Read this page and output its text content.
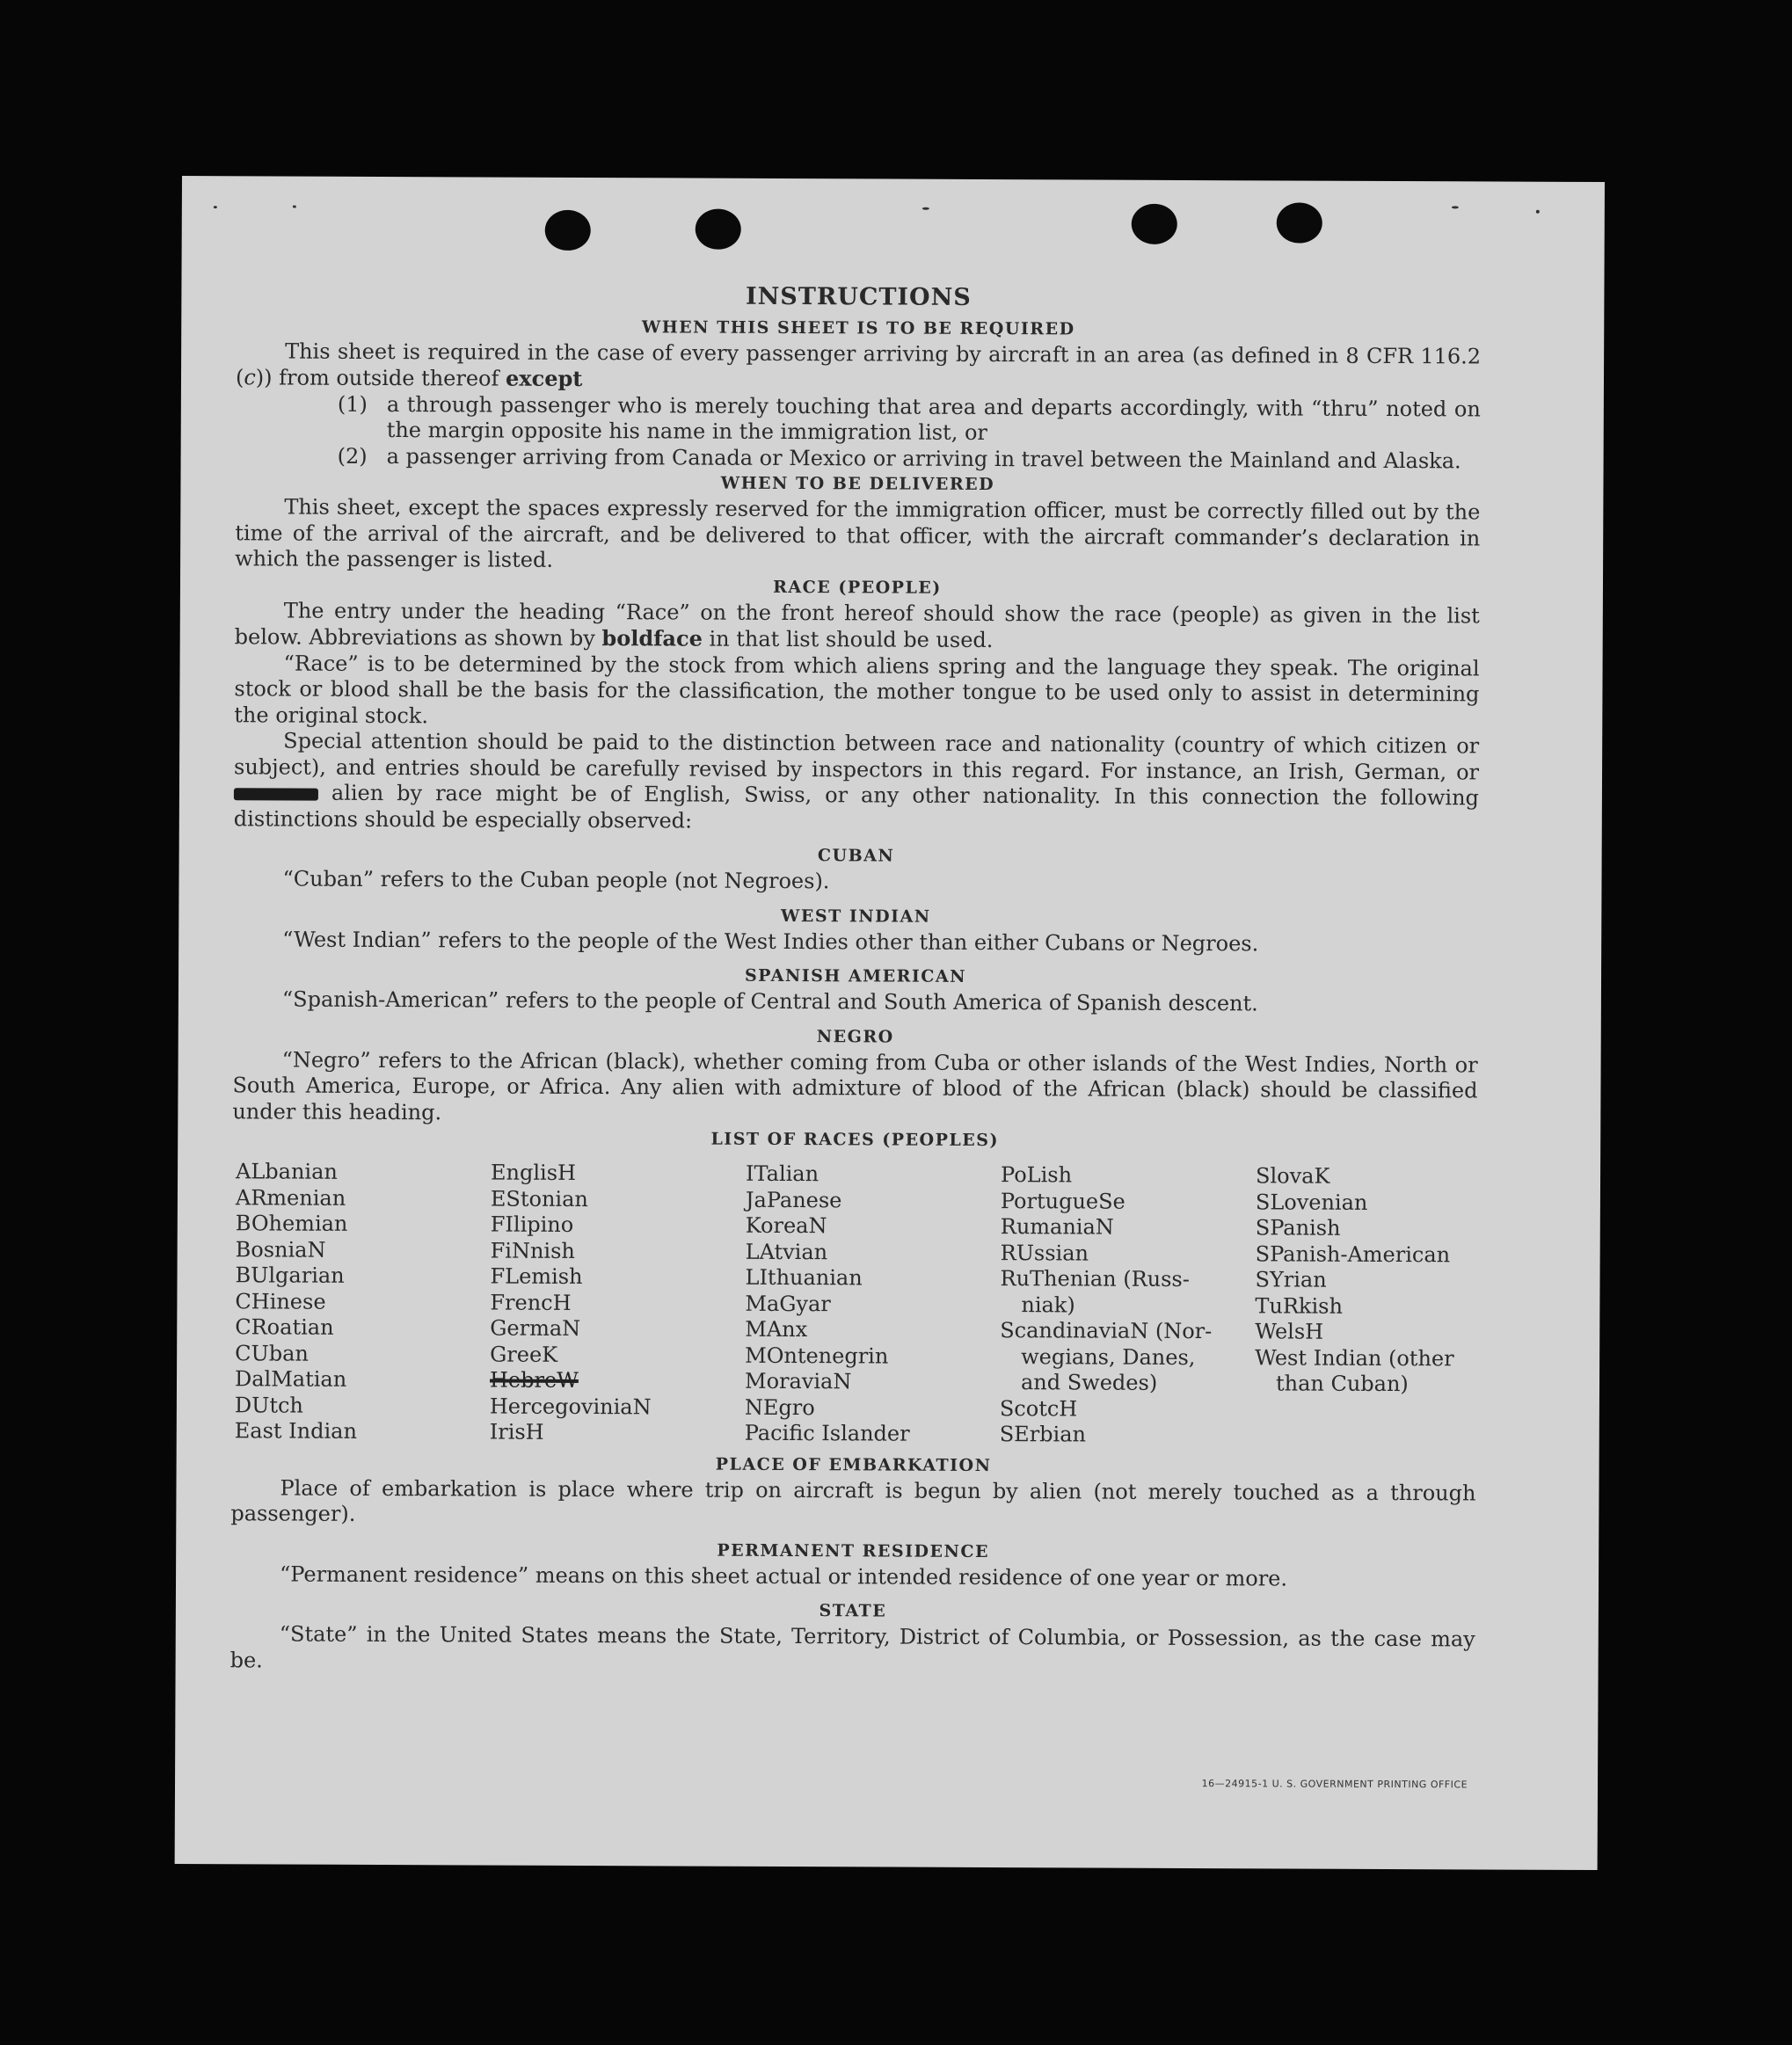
INSTRUCTIONS
WHEN THIS SHEET IS TO BE REQUIRED

This sheet is required in the case of every passenger arriving by aircraft in an area (as defined in 8 CFR 116.2 (c)) from outside thereof except

(1) a through passenger who is merely touching that area and departs accordingly, with “thru” noted on the margin opposite his name in the immigration list, or
(2) a passenger arriving from Canada or Mexico or arriving in travel between the Mainland and Alaska.
WHEN TO BE DELIVERED

This sheet, except the spaces expressly reserved for the immigration officer, must be correctly filled out by the time of the arrival of the aircraft, and be delivered to that officer, with the aircraft commander’s declaration in which the passenger is listed.

RACE (PEOPLE)

The entry under the heading “Race” on the front hereof should show the race (people) as given in the list below. Abbreviations as shown by boldface in that list should be used.

“Race” is to be determined by the stock from which aliens spring and the language they speak. The original stock or blood shall be the basis for the classification, the mother tongue to be used only to assist in determining the original stock.

Special attention should be paid to the distinction between race and nationality (country of which citizen or subject), and entries should be carefully revised by inspectors in this regard. For instance, an Irish, German, or  alien by race might be of English, Swiss, or any other nationality. In this connection the following distinctions should be especially observed:

CUBAN

“Cuban” refers to the Cuban people (not Negroes).

WEST INDIAN

“West Indian” refers to the people of the West Indies other than either Cubans or Negroes.

SPANISH AMERICAN

“Spanish-American” refers to the people of Central and South America of Spanish descent.

NEGRO

“Negro” refers to the African (black), whether coming from Cuba or other islands of the West Indies, North or South America, Europe, or Africa. Any alien with admixture of blood of the African (black) should be classified under this heading.

LIST OF RACES (PEOPLES)
ALbanian
ARmenian
BOhemian
BosniaN
BUlgarian
CHinese
CRoatian
CUban
DalMatian
DUtch
East Indian
EnglisH
EStonian
FIlipino
FiNnish
FLemish
FrencH
GermaN
GreeK
HebreW
HercegoviniaN
IrisH
ITalian
JaPanese
KoreaN
LAtvian
LIthuanian
MaGyar
MAnx
MOntenegrin
MoraviaN
NEgro
Pacific Islander
PoLish
PortugueSe
RumaniaN
RUssian
RuThenian (Russ-
niak)
ScandinaviaN (Nor-
wegians, Danes,
and Swedes)
ScotcH
SErbian
SlovaK
SLovenian
SPanish
SPanish-American
SYrian
TuRkish
WelsH
West Indian (other
than Cuban)
PLACE OF EMBARKATION

Place of embarkation is place where trip on aircraft is begun by alien (not merely touched as a through passenger).

PERMANENT RESIDENCE

“Permanent residence” means on this sheet actual or intended residence of one year or more.

STATE

“State” in the United States means the State, Territory, District of Columbia, or Possession, as the case may be.

16—24915-1 U. S. GOVERNMENT PRINTING OFFICE
